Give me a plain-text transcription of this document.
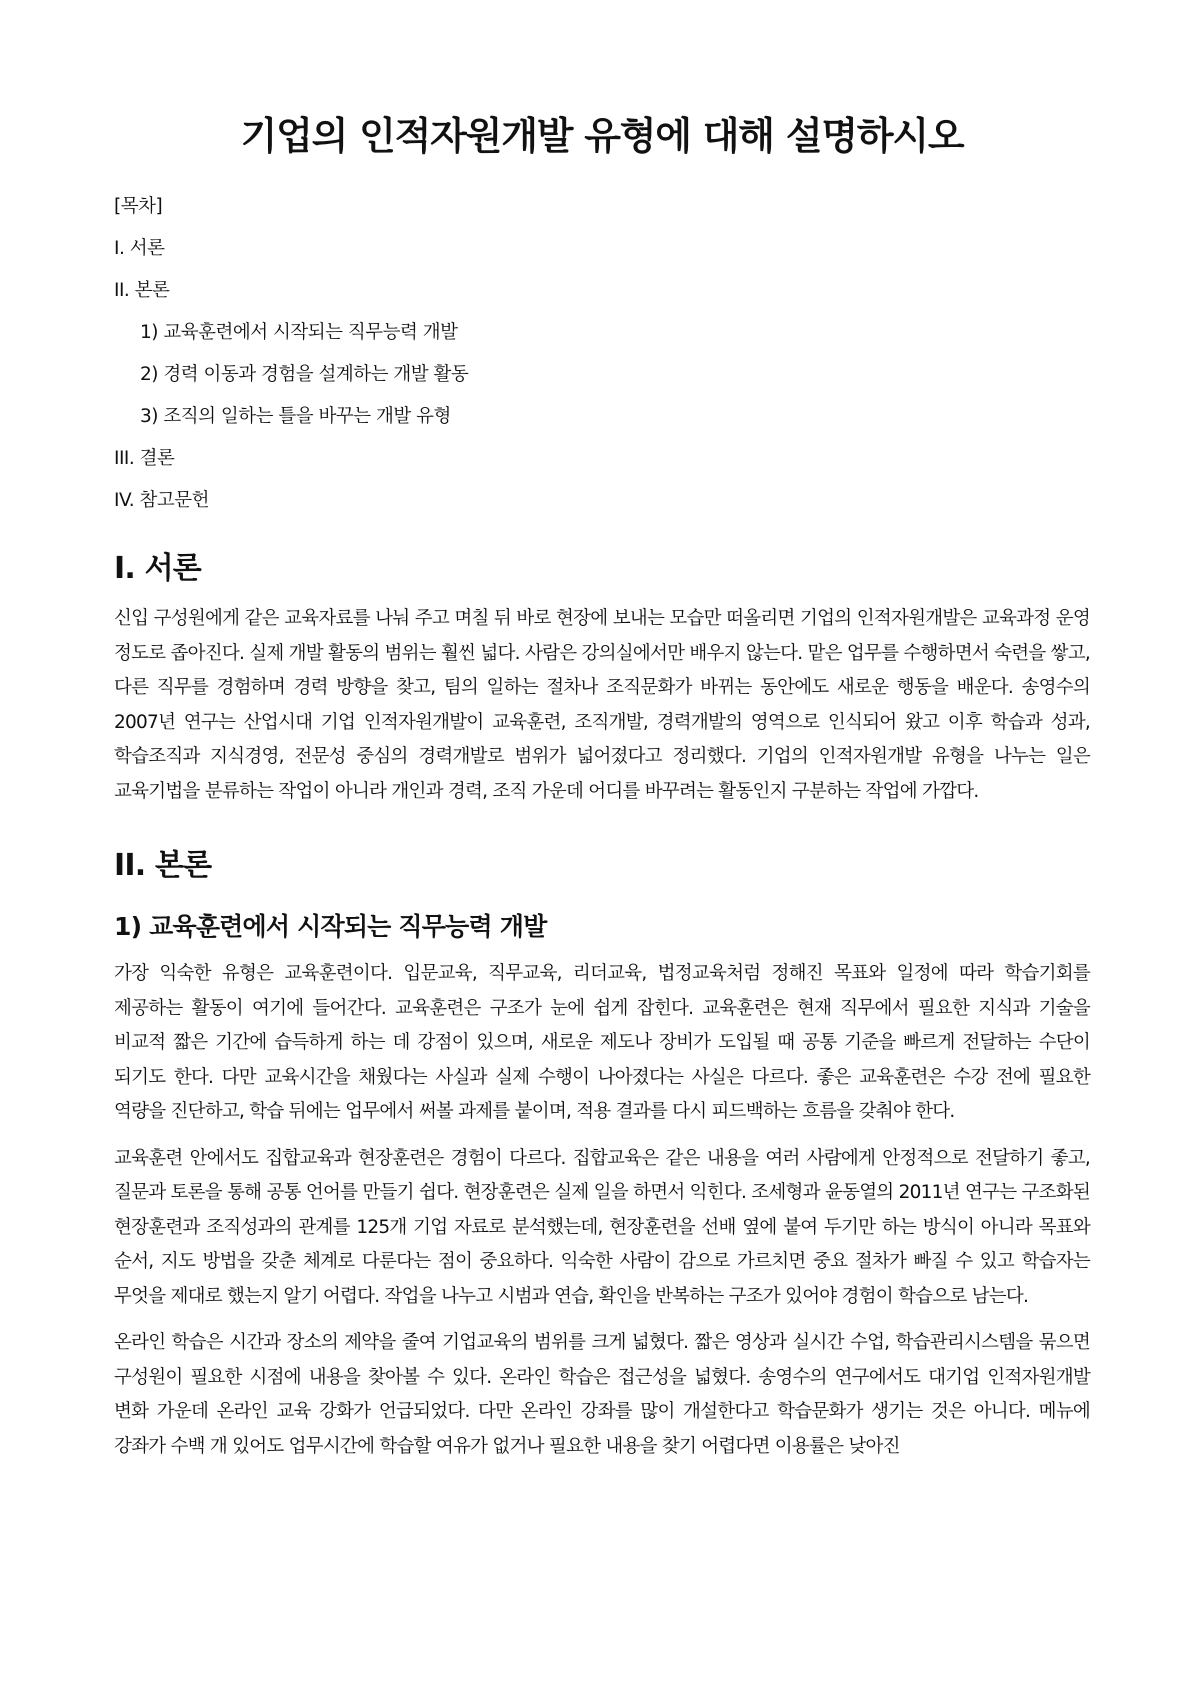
기업의 인적자원개발 유형에 대해 설명하시오
[목차]
I. 서론
II. 본론
1) 교육훈련에서 시작되는 직무능력 개발
2) 경력 이동과 경험을 설계하는 개발 활동
3) 조직의 일하는 틀을 바꾸는 개발 유형
III. 결론
IV. 참고문헌
I. 서론

신입 구성원에게 같은 교육자료를 나눠 주고 며칠 뒤 바로 현장에 보내는 모습만 떠올리면 기업의 인적자원개발은 교육과정 운영 정도로 좁아진다. 실제 개발 활동의 범위는 훨씬 넓다. 사람은 강의실에서만 배우지 않는다. 맡은 업무를 수행하면서 숙련을 쌓고, 다른 직무를 경험하며 경력 방향을 찾고, 팀의 일하는 절차나 조직문화가 바뀌는 동안에도 새로운 행동을 배운다. 송영수의 2007년 연구는 산업시대 기업 인적자원개발이 교육훈련, 조직개발, 경력개발의 영역으로 인식되어 왔고 이후 학습과 성과, 학습조직과 지식경영, 전문성 중심의 경력개발로 범위가 넓어졌다고 정리했다. 기업의 인적자원개발 유형을 나누는 일은 교육기법을 분류하는 작업이 아니라 개인과 경력, 조직 가운데 어디를 바꾸려는 활동인지 구분하는 작업에 가깝다.

II. 본론
1) 교육훈련에서 시작되는 직무능력 개발

가장 익숙한 유형은 교육훈련이다. 입문교육, 직무교육, 리더교육, 법정교육처럼 정해진 목표와 일정에 따라 학습기회를 제공하는 활동이 여기에 들어간다. 교육훈련은 구조가 눈에 쉽게 잡힌다. 교육훈련은 현재 직무에서 필요한 지식과 기술을 비교적 짧은 기간에 습득하게 하는 데 강점이 있으며, 새로운 제도나 장비가 도입될 때 공통 기준을 빠르게 전달하는 수단이 되기도 한다. 다만 교육시간을 채웠다는 사실과 실제 수행이 나아졌다는 사실은 다르다. 좋은 교육훈련은 수강 전에 필요한 역량을 진단하고, 학습 뒤에는 업무에서 써볼 과제를 붙이며, 적용 결과를 다시 피드백하는 흐름을 갖춰야 한다.

교육훈련 안에서도 집합교육과 현장훈련은 경험이 다르다. 집합교육은 같은 내용을 여러 사람에게 안정적으로 전달하기 좋고, 질문과 토론을 통해 공통 언어를 만들기 쉽다. 현장훈련은 실제 일을 하면서 익힌다. 조세형과 윤동열의 2011년 연구는 구조화된 현장훈련과 조직성과의 관계를 125개 기업 자료로 분석했는데, 현장훈련을 선배 옆에 붙여 두기만 하는 방식이 아니라 목표와 순서, 지도 방법을 갖춘 체계로 다룬다는 점이 중요하다. 익숙한 사람이 감으로 가르치면 중요 절차가 빠질 수 있고 학습자는 무엇을 제대로 했는지 알기 어렵다. 작업을 나누고 시범과 연습, 확인을 반복하는 구조가 있어야 경험이 학습으로 남는다.

온라인 학습은 시간과 장소의 제약을 줄여 기업교육의 범위를 크게 넓혔다. 짧은 영상과 실시간 수업, 학습관리시스템을 묶으면 구성원이 필요한 시점에 내용을 찾아볼 수 있다. 온라인 학습은 접근성을 넓혔다. 송영수의 연구에서도 대기업 인적자원개발 변화 가운데 온라인 교육 강화가 언급되었다. 다만 온라인 강좌를 많이 개설한다고 학습문화가 생기는 것은 아니다. 메뉴에 강좌가 수백 개 있어도 업무시간에 학습할 여유가 없거나 필요한 내용을 찾기 어렵다면 이용률은 낮아진
